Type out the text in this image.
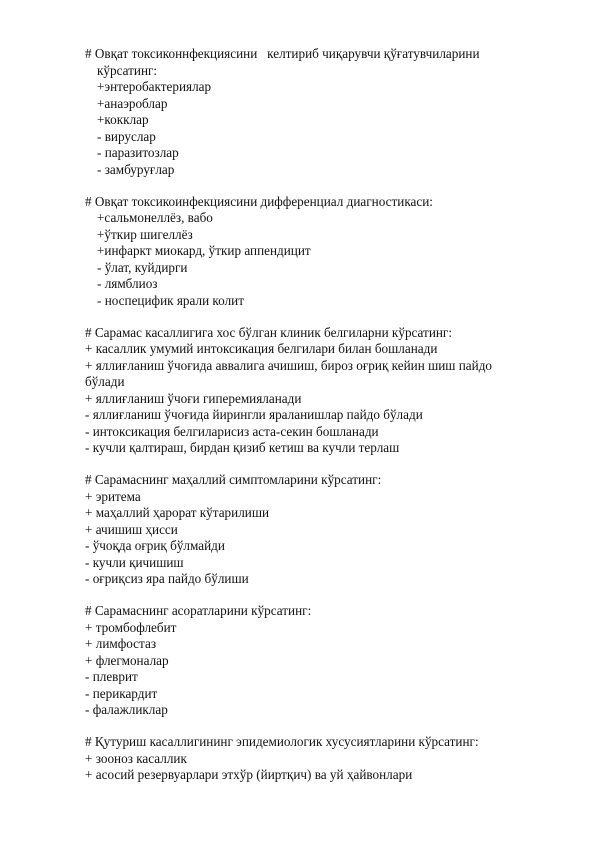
# Овқат токсиконнфекциясини   келтириб чиқарувчи қўғатувчиларини
кўрсатинг:
+энтеробактериялар
+анаэроблар
+кокклар
- вируслар
- паразитозлар
- замбуруғлар
# Овқат токсикоинфекциясини дифференциал диагностикаси:
+сальмонеллёз, вабо
+ўткир шигеллёз
+инфаркт миокард, ўткир аппендицит
- ўлат, куйдирги
- лямблиоз
- носпецифик ярали колит
# Сарамас касаллигига хос бўлган клиник белгиларни кўрсатинг:
+ касаллик умумий интоксикация белгилари билан бошланади
+ яллиғланиш ўчоғида аввалига ачишиш, бироз оғриқ кейин шиш пайдо бўлади
+ яллиғланиш ўчоғи гиперемияланади
- яллиғланиш ўчоғида йирингли яраланишлар пайдо бўлади
- интоксикация белгиларисиз аста-секин бошланади
- кучли қалтираш, бирдан қизиб кетиш ва кучли терлаш
# Сарамаснинг маҳаллий симптомларини кўрсатинг:
+ эритема
+ маҳаллий ҳарорат кўтарилиши
+ ачишиш ҳисси
- ўчоқда оғриқ бўлмайди
- кучли қичишиш
- оғриқсиз яра пайдо бўлиши
# Сарамаснинг асоратларини кўрсатинг:
+ тромбофлебит
+ лимфостаз
+ флегмоналар
- плеврит
- перикардит
- фалажликлар
# Қутуриш касаллигининг эпидемиологик хусусиятларини кўрсатинг:
+ зооноз касаллик
+ асосий резервуарлари этхўр (йиртқич) ва уй ҳайвонлари
